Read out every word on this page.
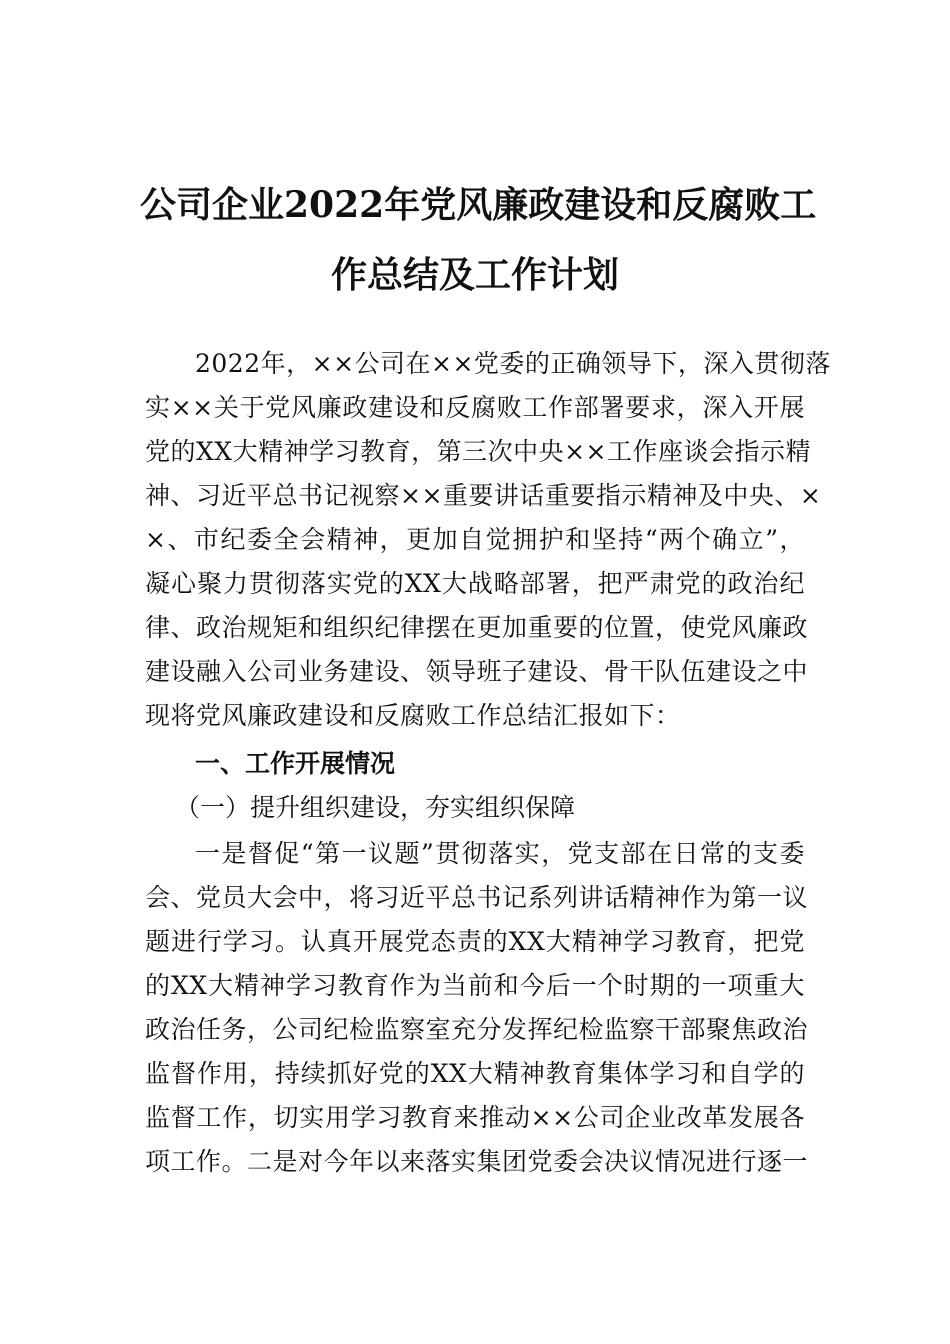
公司企业2022年党风廉政建设和反腐败工
作总结及工作计划
2022年，××公司在××党委的正确领导下，深入贯彻落
实××关于党风廉政建设和反腐败工作部署要求，深入开展
党的XX大精神学习教育，第三次中央××工作座谈会指示精
神、习近平总书记视察××重要讲话重要指示精神及中央、×
×、市纪委全会精神，更加自觉拥护和坚持“两个确立”，
凝心聚力贯彻落实党的XX大战略部署，把严肃党的政治纪
律、政治规矩和组织纪律摆在更加重要的位置，使党风廉政
建设融入公司业务建设、领导班子建设、骨干队伍建设之中
现将党风廉政建设和反腐败工作总结汇报如下：
一、工作开展情况
（一）提升组织建设，夯实组织保障
一是督促“第一议题”贯彻落实，党支部在日常的支委
会、党员大会中，将习近平总书记系列讲话精神作为第一议
题进行学习。认真开展党态责的XX大精神学习教育，把党
的XX大精神学习教育作为当前和今后一个时期的一项重大
政治任务，公司纪检监察室充分发挥纪检监察干部聚焦政治
监督作用，持续抓好党的XX大精神教育集体学习和自学的
监督工作，切实用学习教育来推动××公司企业改革发展各
项工作。二是对今年以来落实集团党委会决议情况进行逐一
